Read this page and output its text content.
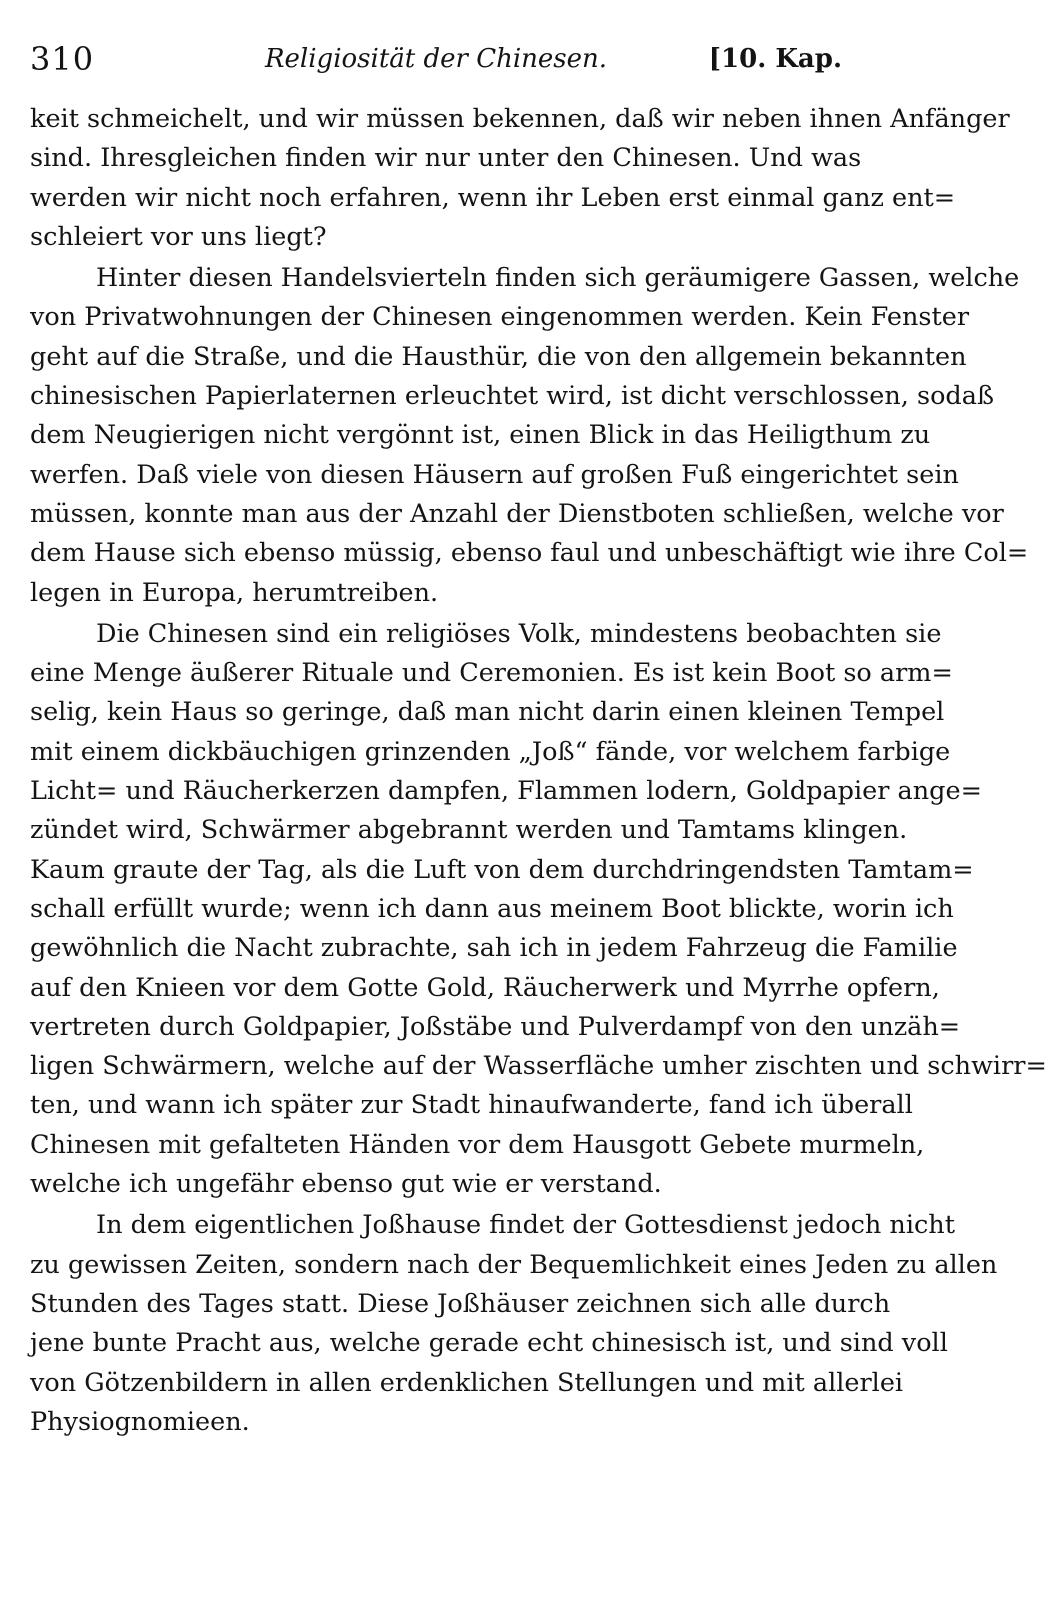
310	Religiosität der Chinesen.	[10. Kap.
keit schmeichelt, und wir müssen bekennen, daß wir neben ihnen Anfänger
sind. Ihresgleichen finden wir nur unter den Chinesen. Und was
werden wir nicht noch erfahren, wenn ihr Leben erst einmal ganz ent=
schleiert vor uns liegt?
Hinter diesen Handelsvierteln finden sich geräumigere Gassen, welche
von Privatwohnungen der Chinesen eingenommen werden. Kein Fenster
geht auf die Straße, und die Hausthür, die von den allgemein bekannten
chinesischen Papierlaternen erleuchtet wird, ist dicht verschlossen, sodaß
dem Neugierigen nicht vergönnt ist, einen Blick in das Heiligthum zu
werfen. Daß viele von diesen Häusern auf großen Fuß eingerichtet sein
müssen, konnte man aus der Anzahl der Dienstboten schließen, welche vor
dem Hause sich ebenso müssig, ebenso faul und unbeschäftigt wie ihre Col=
legen in Europa, herumtreiben.
Die Chinesen sind ein religiöses Volk, mindestens beobachten sie
eine Menge äußerer Rituale und Ceremonien. Es ist kein Boot so arm=
selig, kein Haus so geringe, daß man nicht darin einen kleinen Tempel
mit einem dickbäuchigen grinzenden „Joß“ fände, vor welchem farbige
Licht= und Räucherkerzen dampfen, Flammen lodern, Goldpapier ange=
zündet wird, Schwärmer abgebrannt werden und Tamtams klingen.
Kaum graute der Tag, als die Luft von dem durchdringendsten Tamtam=
schall erfüllt wurde; wenn ich dann aus meinem Boot blickte, worin ich
gewöhnlich die Nacht zubrachte, sah ich in jedem Fahrzeug die Familie
auf den Knieen vor dem Gotte Gold, Räucherwerk und Myrrhe opfern,
vertreten durch Goldpapier, Joßstäbe und Pulverdampf von den unzäh=
ligen Schwärmern, welche auf der Wasserfläche umher zischten und schwirr=
ten, und wann ich später zur Stadt hinaufwanderte, fand ich überall
Chinesen mit gefalteten Händen vor dem Hausgott Gebete murmeln,
welche ich ungefähr ebenso gut wie er verstand.
In dem eigentlichen Joßhause findet der Gottesdienst jedoch nicht
zu gewissen Zeiten, sondern nach der Bequemlichkeit eines Jeden zu allen
Stunden des Tages statt. Diese Joßhäuser zeichnen sich alle durch
jene bunte Pracht aus, welche gerade echt chinesisch ist, und sind voll
von Götzenbildern in allen erdenklichen Stellungen und mit allerlei
Physiognomieen.
